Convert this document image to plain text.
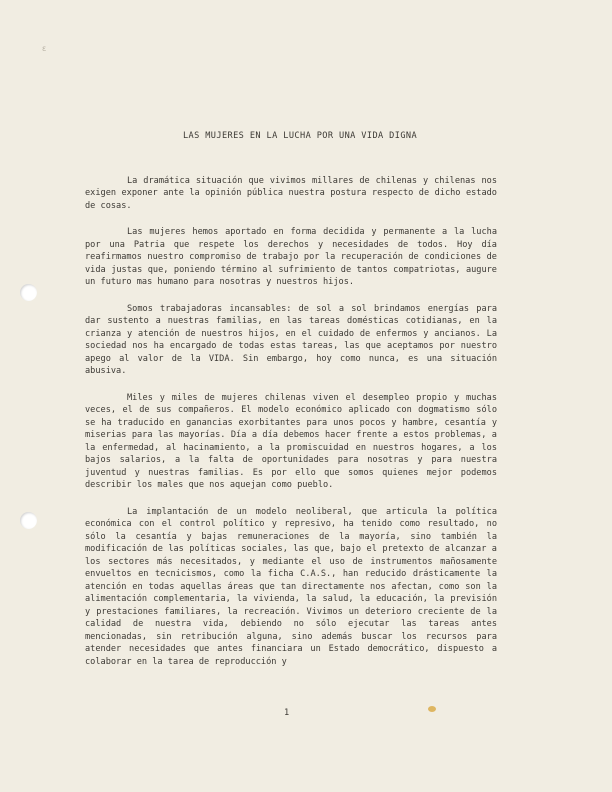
ε
LAS MUJERES EN LA LUCHA POR UNA VIDA DIGNA

La dramática situación que vivimos millares de chilenas y chilenas nos exigen exponer ante la opinión pública nuestra postura respecto de dicho estado de cosas.

Las mujeres hemos aportado en forma decidida y permanente a la lucha por una Patria que respete los derechos y necesidades de todos. Hoy día reafirmamos nuestro compromiso de trabajo por la recuperación de condiciones de vida justas que, poniendo término al sufrimiento de tantos compatriotas, augure un futuro mas humano para nosotras y nuestros hijos.

Somos trabajadoras incansables: de sol a sol brindamos energías para dar sustento a nuestras familias, en las tareas domésticas cotidianas, en la crianza y atención de nuestros hijos, en el cuidado de enfermos y ancianos. La sociedad nos ha encargado de todas estas tareas, las que aceptamos por nuestro apego al valor de la VIDA. Sin embargo, hoy como nunca, es una situación abusiva.

Miles y miles de mujeres chilenas viven el desempleo propio y muchas veces, el de sus compañeros. El modelo económico aplicado con dogmatismo sólo se ha traducido en ganancias exorbitantes para unos pocos y hambre, cesantía y miserias para las mayorías. Día a día debemos hacer frente a estos problemas, a la enfermedad, al hacinamiento, a la promiscuidad en nuestros hogares, a los bajos salarios, a la falta de oportunidades para nosotras y para nuestra juventud y nuestras familias. Es por ello que somos quienes mejor podemos describir los males que nos aquejan como pueblo.

La implantación de un modelo neoliberal, que articula la política económica con el control político y represivo, ha tenido como resultado, no sólo la cesantía y bajas remuneraciones de la mayoría, sino también la modificación de las políticas sociales, las que, bajo el pretexto de alcanzar a los sectores más necesitados, y mediante el uso de instrumentos mañosamente envueltos en tecnicismos, como la ficha C.A.S., han reducido drásticamente la atención en todas aquellas áreas que tan directamente nos afectan, como son la alimentación complementaria, la vivienda, la salud, la educación, la previsión y prestaciones familiares, la recreación. Vivimos un deterioro creciente de la calidad de nuestra vida, debiendo no sólo ejecutar las tareas antes mencionadas, sin retribución alguna, sino además buscar los recursos para atender necesidades que antes financiara un Estado democrático, dispuesto a colaborar en la tarea de reproducción y

1
